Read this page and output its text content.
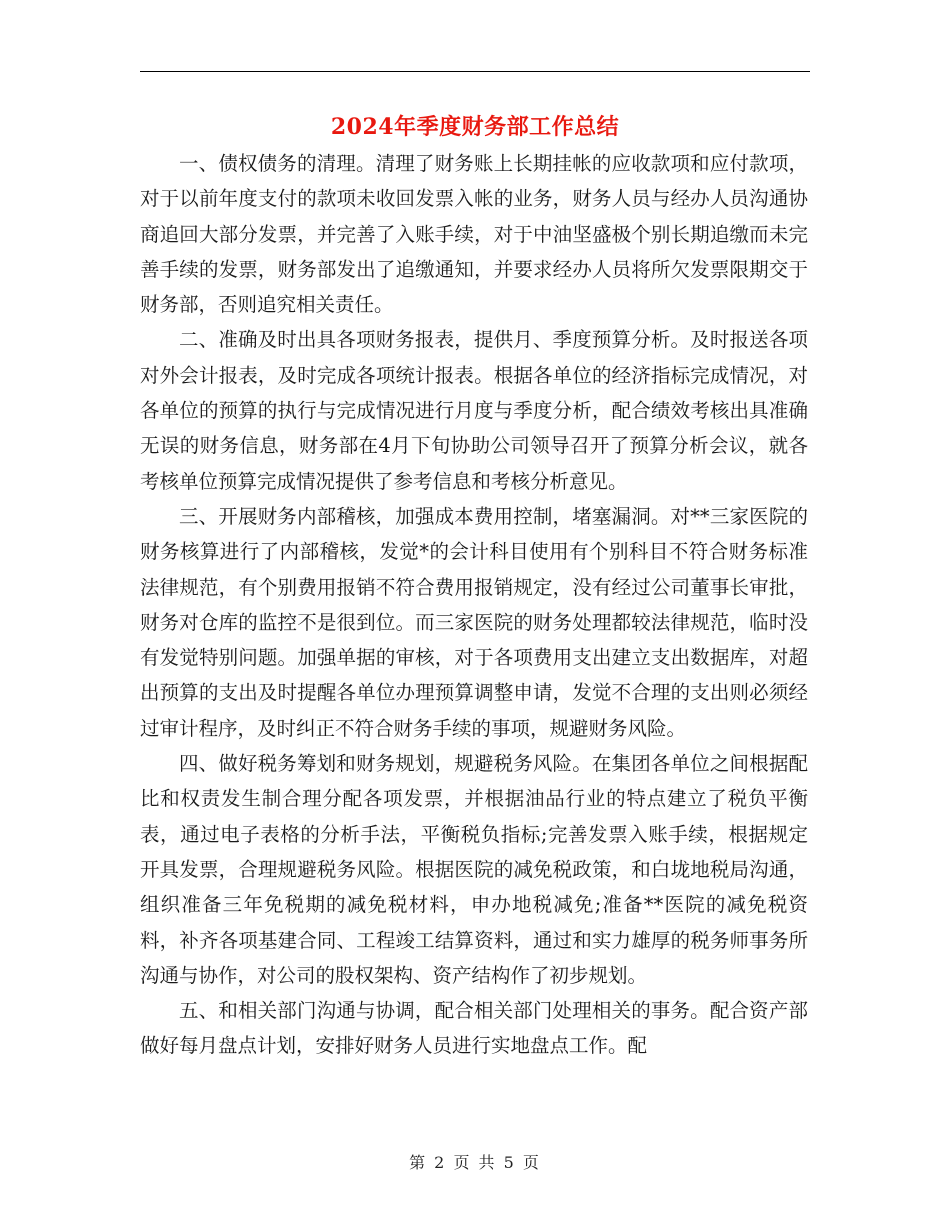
2024年季度财务部工作总结

一、债权债务的清理。清理了财务账上长期挂帐的应收款项和应付款项，对于以前年度支付的款项未收回发票入帐的业务，财务人员与经办人员沟通协商追回大部分发票，并完善了入账手续，对于中油坚盛极个别长期追缴而未完善手续的发票，财务部发出了追缴通知，并要求经办人员将所欠发票限期交于财务部，否则追究相关责任。

二、准确及时出具各项财务报表，提供月、季度预算分析。及时报送各项对外会计报表，及时完成各项统计报表。根据各单位的经济指标完成情况，对各单位的预算的执行与完成情况进行月度与季度分析，配合绩效考核出具准确无误的财务信息，财务部在4月下旬协助公司领导召开了预算分析会议，就各考核单位预算完成情况提供了参考信息和考核分析意见。

三、开展财务内部稽核，加强成本费用控制，堵塞漏洞。对**三家医院的财务核算进行了内部稽核，发觉*的会计科目使用有个别科目不符合财务标准法律规范，有个别费用报销不符合费用报销规定，没有经过公司董事长审批，财务对仓库的监控不是很到位。而三家医院的财务处理都较法律规范，临时没有发觉特别问题。加强单据的审核，对于各项费用支出建立支出数据库，对超出预算的支出及时提醒各单位办理预算调整申请，发觉不合理的支出则必须经过审计程序，及时纠正不符合财务手续的事项，规避财务风险。

四、做好税务筹划和财务规划，规避税务风险。在集团各单位之间根据配比和权责发生制合理分配各项发票，并根据油品行业的特点建立了税负平衡表，通过电子表格的分析手法，平衡税负指标;完善发票入账手续，根据规定开具发票，合理规避税务风险。根据医院的减免税政策，和白垅地税局沟通，组织准备三年免税期的减免税材料，申办地税减免;准备**医院的减免税资料，补齐各项基建合同、工程竣工结算资料，通过和实力雄厚的税务师事务所沟通与协作，对公司的股权架构、资产结构作了初步规划。

五、和相关部门沟通与协调，配合相关部门处理相关的事务。配合资产部做好每月盘点计划，安排好财务人员进行实地盘点工作。配

第 2 页 共 5 页
